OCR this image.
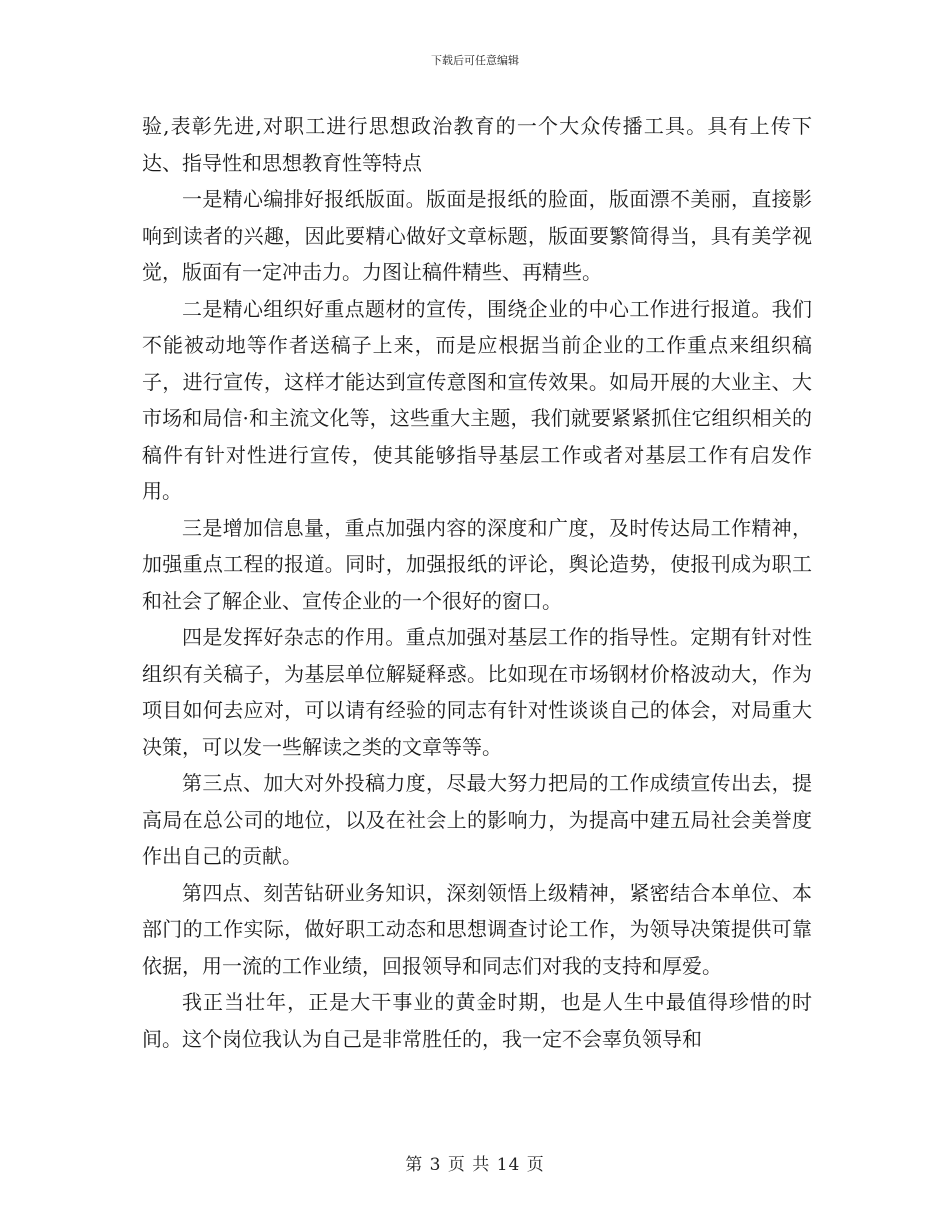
下载后可任意编辑

验,表彰先进,对职工进行思想政治教育的一个大众传播工具。具有上传下达、指导性和思想教育性等特点

一是精心编排好报纸版面。版面是报纸的脸面，版面漂不美丽，直接影响到读者的兴趣，因此要精心做好文章标题，版面要繁简得当，具有美学视觉，版面有一定冲击力。力图让稿件精些、再精些。

二是精心组织好重点题材的宣传，围绕企业的中心工作进行报道。我们不能被动地等作者送稿子上来，而是应根据当前企业的工作重点来组织稿子，进行宣传，这样才能达到宣传意图和宣传效果。如局开展的大业主、大市场和局信·和主流文化等，这些重大主题，我们就要紧紧抓住它组织相关的稿件有针对性进行宣传，使其能够指导基层工作或者对基层工作有启发作用。

三是增加信息量，重点加强内容的深度和广度，及时传达局工作精神，加强重点工程的报道。同时，加强报纸的评论，舆论造势，使报刊成为职工和社会了解企业、宣传企业的一个很好的窗口。

四是发挥好杂志的作用。重点加强对基层工作的指导性。定期有针对性组织有关稿子，为基层单位解疑释惑。比如现在市场钢材价格波动大，作为项目如何去应对，可以请有经验的同志有针对性谈谈自己的体会，对局重大决策，可以发一些解读之类的文章等等。

第三点、加大对外投稿力度，尽最大努力把局的工作成绩宣传出去，提高局在总公司的地位，以及在社会上的影响力，为提高中建五局社会美誉度作出自己的贡献。

第四点、刻苦钻研业务知识，深刻领悟上级精神，紧密结合本单位、本部门的工作实际，做好职工动态和思想调查讨论工作，为领导决策提供可靠依据，用一流的工作业绩，回报领导和同志们对我的支持和厚爱。

我正当壮年，正是大干事业的黄金时期，也是人生中最值得珍惜的时间。这个岗位我认为自己是非常胜任的，我一定不会辜负领导和

第 3 页 共 14 页
